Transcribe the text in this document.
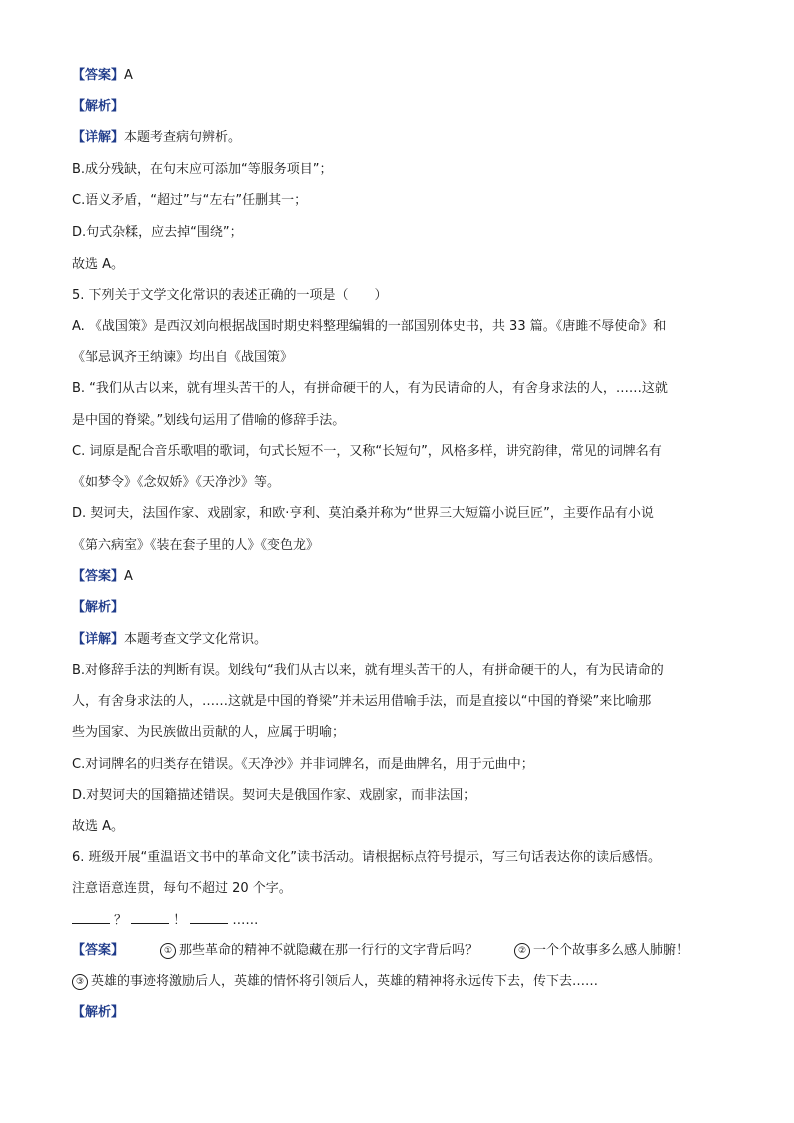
【答案】A
【解析】
【详解】本题考查病句辨析。
B.成分残缺，在句末应可添加“等服务项目”；
C.语义矛盾，“超过”与“左右”任删其一；
D.句式杂糅，应去掉“围绕”；
故选 A。
5. 下列关于文学文化常识的表述正确的一项是（　　）
A. 《战国策》是西汉刘向根据战国时期史料整理编辑的一部国别体史书，共 33 篇。《唐雎不辱使命》和
《邹忌讽齐王纳谏》均出自《战国策》
B. “我们从古以来，就有埋头苦干的人，有拼命硬干的人，有为民请命的人，有舍身求法的人，……这就
是中国的脊梁。”划线句运用了借喻的修辞手法。
C. 词原是配合音乐歌唱的歌词，句式长短不一，又称“长短句”，风格多样，讲究韵律，常见的词牌名有
《如梦令》《念奴娇》《天净沙》等。
D. 契诃夫，法国作家、戏剧家，和欧·亨利、莫泊桑并称为“世界三大短篇小说巨匠”，主要作品有小说
《第六病室》《装在套子里的人》《变色龙》
【答案】A
【解析】
【详解】本题考查文学文化常识。
B.对修辞手法的判断有误。划线句“我们从古以来，就有埋头苦干的人，有拼命硬干的人，有为民请命的
人，有舍身求法的人，……这就是中国的脊梁”并未运用借喻手法，而是直接以“中国的脊梁”来比喻那
些为国家、为民族做出贡献的人，应属于明喻；
C.对词牌名的归类存在错误。《天净沙》并非词牌名，而是曲牌名，用于元曲中；
D.对契诃夫的国籍描述错误。契诃夫是俄国作家、戏剧家，而非法国；
故选 A。
6. 班级开展“重温语文书中的革命文化”读书活动。请根据标点符号提示，写三句话表达你的读后感悟。
注意语意连贯，每句不超过 20 个字。
？	！	……
【答案】	① 那些革命的精神不就隐藏在那一行行的文字背后吗？	② 一个个故事多么感人肺腑！
③ 英雄的事迹将激励后人，英雄的情怀将引领后人，英雄的精神将永远传下去，传下去……
【解析】
